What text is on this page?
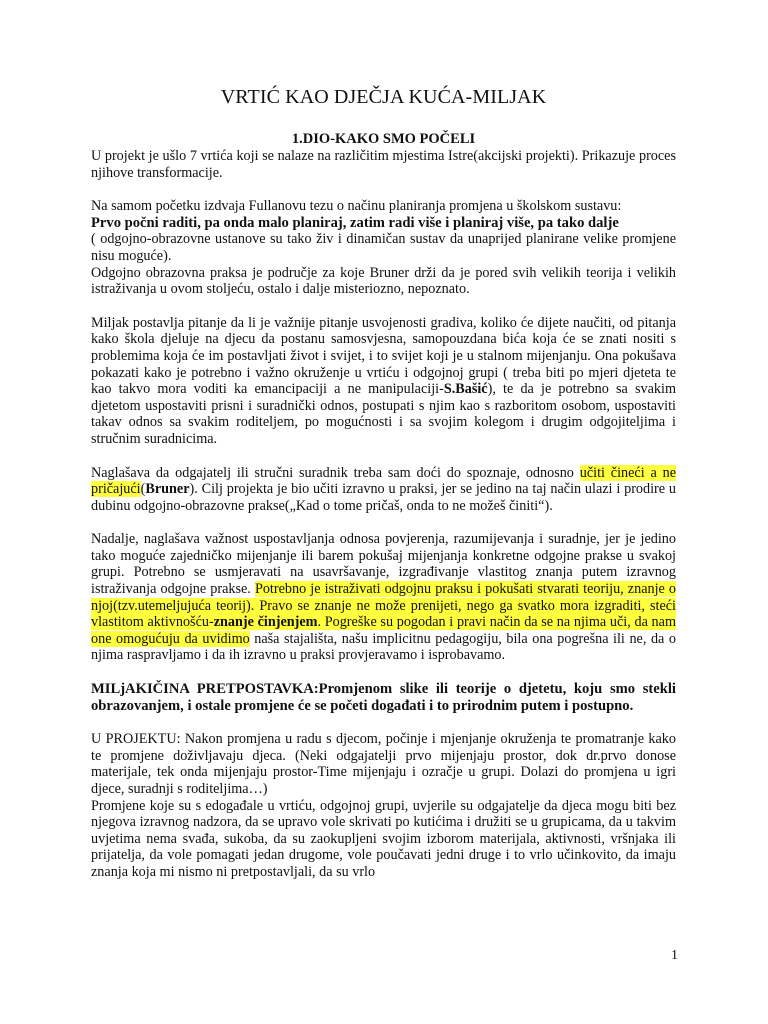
VRTIĆ KAO DJEČJA KUĆA-MILJAK
1.DIO-KAKO SMO POČELI

U projekt je ušlo 7 vrtića koji se nalaze na različitim mjestima Istre(akcijski projekti). Prikazuje proces njihove transformacije.

Na samom početku izdvaja Fullanovu tezu o načinu planiranja promjena u školskom sustavu:

Prvo počni raditi, pa onda malo planiraj, zatim radi više i planiraj više, pa tako dalje

( odgojno-obrazovne ustanove su tako živ i dinamičan sustav da unaprijed planirane velike promjene nisu moguće).

Odgojno obrazovna praksa je područje za koje Bruner drži da je pored svih velikih teorija i velikih istraživanja u ovom stoljeću, ostalo i dalje misteriozno, nepoznato.

Miljak postavlja pitanje da li je važnije pitanje usvojenosti gradiva, koliko će dijete naučiti, od pitanja kako škola djeluje na djecu da postanu samosvjesna, samopouzdana bića koja će se znati nositi s problemima koja će im postavljati život i svijet, i to svijet koji je u stalnom mijenjanju. Ona pokušava pokazati kako je potrebno i važno okruženje u vrtiću i odgojnoj grupi ( treba biti po mjeri djeteta te kao takvo mora voditi ka emancipaciji a ne manipulaciji-S.Bašić), te da je potrebno sa svakim djetetom uspostaviti prisni i suradnički odnos, postupati s njim kao s razboritom osobom, uspostaviti takav odnos sa svakim roditeljem, po mogućnosti i sa svojim kolegom i drugim odgojiteljima i stručnim suradnicima.

Naglašava da odgajatelj ili stručni suradnik treba sam doći do spoznaje, odnosno učiti čineći a ne pričajući(Bruner). Cilj projekta je bio učiti izravno u praksi, jer se jedino na taj način ulazi i prodire u dubinu odgojno-obrazovne prakse(„Kad o tome pričaš, onda to ne možeš činiti“).

Nadalje, naglašava važnost uspostavljanja odnosa povjerenja, razumijevanja i suradnje, jer je jedino tako moguće zajedničko mijenjanje ili barem pokušaj mijenjanja konkretne odgojne prakse u svakoj grupi. Potrebno se usmjeravati na usavršavanje, izgrađivanje vlastitog znanja putem izravnog istraživanja odgojne prakse. Potrebno je istraživati odgojnu praksu i pokušati stvarati teoriju, znanje o njoj(tzv.utemeljujuća teorij). Pravo se znanje ne može prenijeti, nego ga svatko mora izgraditi, steći vlastitom aktivnošću-znanje činjenjem. Pogreške su pogodan i pravi način da se na njima uči, da nam one omogućuju da uvidimo naša stajališta, našu implicitnu pedagogiju, bila ona pogrešna ili ne, da o njima raspravljamo i da ih izravno u praksi provjeravamo i isprobavamo.

MILjAKIČINA PRETPOSTAVKA:Promjenom slike ili teorije o djetetu, koju smo stekli obrazovanjem, i ostale promjene će se početi događati i to prirodnim putem i postupno.

U PROJEKTU: Nakon promjena u radu s djecom, počinje i mjenjanje okruženja te promatranje kako te promjene doživljavaju djeca. (Neki odgajatelji prvo mijenjaju prostor, dok dr.prvo donose materijale, tek onda mijenjaju prostor-Time mijenjaju i ozračje u grupi. Dolazi do promjena u igri djece, suradnji s roditeljima…)

Promjene koje su s edogađale u vrtiću, odgojnoj grupi, uvjerile su odgajatelje da djeca mogu biti bez njegova izravnog nadzora, da se upravo vole skrivati po kutićima i družiti se u grupicama, da u takvim uvjetima nema svađa, sukoba, da su zaokupljeni svojim izborom materijala, aktivnosti, vršnjaka ili prijatelja, da vole pomagati jedan drugome, vole poučavati jedni druge i to vrlo učinkovito, da imaju znanja koja mi nismo ni pretpostavljali, da su vrlo

1
